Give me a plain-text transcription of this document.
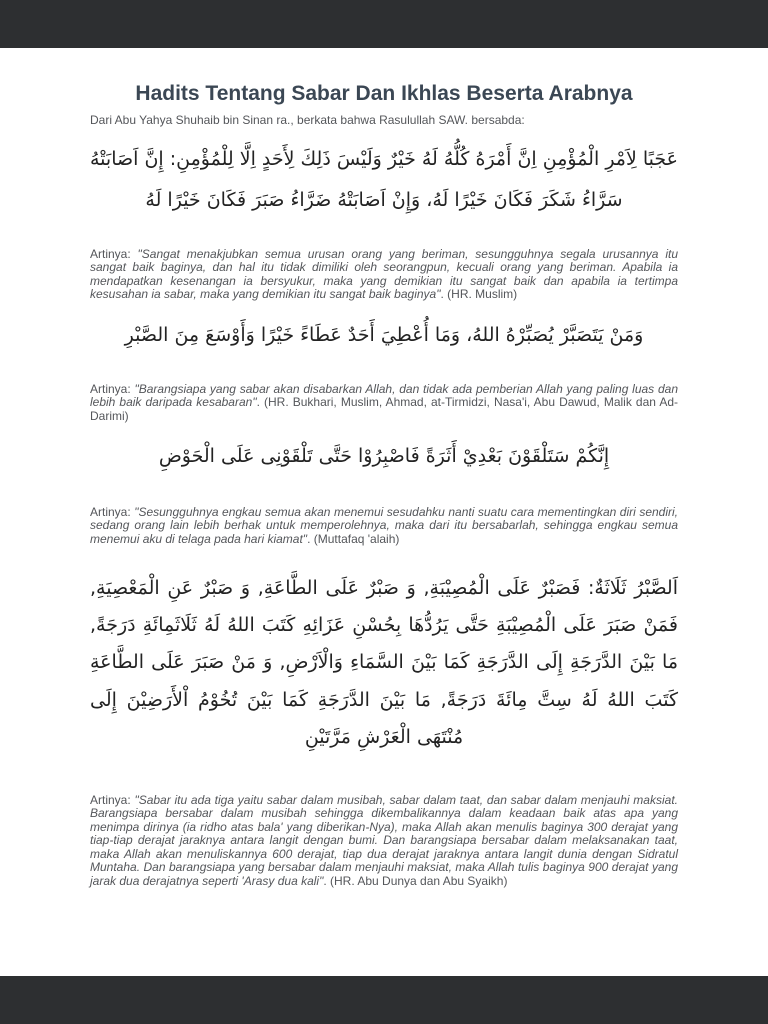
Hadits Tentang Sabar Dan Ikhlas Beserta Arabnya

Dari Abu Yahya Shuhaib bin Sinan ra., berkata bahwa Rasulullah SAW. bersabda:

عَجَبًا لِاَمْرِ الْمُؤْمِنِ اِنَّ أَمْرَهُ كُلُّهُ لَهُ خَيْرٌ وَلَيْسَ ذَلِكَ لِأَحَدٍ اِلَّا لِلْمُؤْمِنِ: إِنَّ اَصَابَتْهُ سَرَّاءُ شَكَرَ فَكَانَ خَيْرًا لَهُ، وَإِنْ اَصَابَتْهُ ضَرَّاءُ صَبَرَ فَكَانَ خَيْرًا لَهُ

Artinya: "Sangat menakjubkan semua urusan orang yang beriman, sesungguhnya segala urusannya itu sangat baik baginya, dan hal itu tidak dimiliki oleh seorangpun, kecuali orang yang beriman. Apabila ia mendapatkan kesenangan ia bersyukur, maka yang demikian itu sangat baik dan apabila ia tertimpa kesusahan ia sabar, maka yang demikian itu sangat baik baginya". (HR. Muslim)

وَمَنْ يَتَصَبَّرْ يُصَبِّرْهُ اللهُ، وَمَا أُعْطِيَ أَحَدٌ عَطَاءً خَيْرًا وَأَوْسَعَ مِنَ الصَّبْرِ

Artinya: "Barangsiapa yang sabar akan disabarkan Allah, dan tidak ada pemberian Allah yang paling luas dan lebih baik daripada kesabaran". (HR. Bukhari, Muslim, Ahmad, at-Tirmidzi, Nasa'i, Abu Dawud, Malik dan Ad-Darimi)

إِنَّكُمْ سَتَلْقَوْنَ بَعْدِيْ أَثَرَةً فَاصْبِرُوْا حَتَّى تَلْقَوْنِى عَلَى الْحَوْضِ

Artinya: "Sesungguhnya engkau semua akan menemui sesudahku nanti suatu cara mementingkan diri sendiri, sedang orang lain lebih berhak untuk memperolehnya, maka dari itu bersabarlah, sehingga engkau semua menemui aku di telaga pada hari kiamat". (Muttafaq 'alaih)

اَلصَّبْرُ ثَلَاثَةٌ: فَصَبْرٌ عَلَى الْمُصِيْبَةِ, وَ صَبْرٌ عَلَى الطَّاعَةِ, وَ صَبْرٌ عَنِ الْمَعْصِيَةِ, فَمَنْ صَبَرَ عَلَى الْمُصِيْبَةِ حَتَّى يَرُدُّهَا بِحُسْنِ عَزَائِهِ كَتَبَ اللهُ لَهُ ثَلَاثَمِائَةِ دَرَجَةً, مَا بَيْنَ الدَّرَجَةِ إِلَى الدَّرَجَةِ كَمَا بَيْنَ السَّمَاءِ وَالْاَرْضِ, وَ مَنْ صَبَرَ عَلَى الطَّاعَةِ كَتَبَ اللهُ لَهُ سِتَّ مِائَةَ دَرَجَةً, مَا بَيْنَ الدَّرَجَةِ كَمَا بَيْنَ تُخُوْمُ اْلأَرَضِيْنَ إِلَى مُنْتَهَى الْعَرْشِ مَرَّتَيْنِ

Artinya: "Sabar itu ada tiga yaitu sabar dalam musibah, sabar dalam taat, dan sabar dalam menjauhi maksiat. Barangsiapa bersabar dalam musibah sehingga dikembalikannya dalam keadaan baik atas apa yang menimpa dirinya (ia ridho atas bala' yang diberikan-Nya), maka Allah akan menulis baginya 300 derajat yang tiap-tiap derajat jaraknya antara langit dengan bumi. Dan barangsiapa bersabar dalam melaksanakan taat, maka Allah akan menuliskannya 600 derajat, tiap dua derajat jaraknya antara langit dunia dengan Sidratul Muntaha. Dan barangsiapa yang bersabar dalam menjauhi maksiat, maka Allah tulis baginya 900 derajat yang jarak dua derajatnya seperti 'Arasy dua kali". (HR. Abu Dunya dan Abu Syaikh)
